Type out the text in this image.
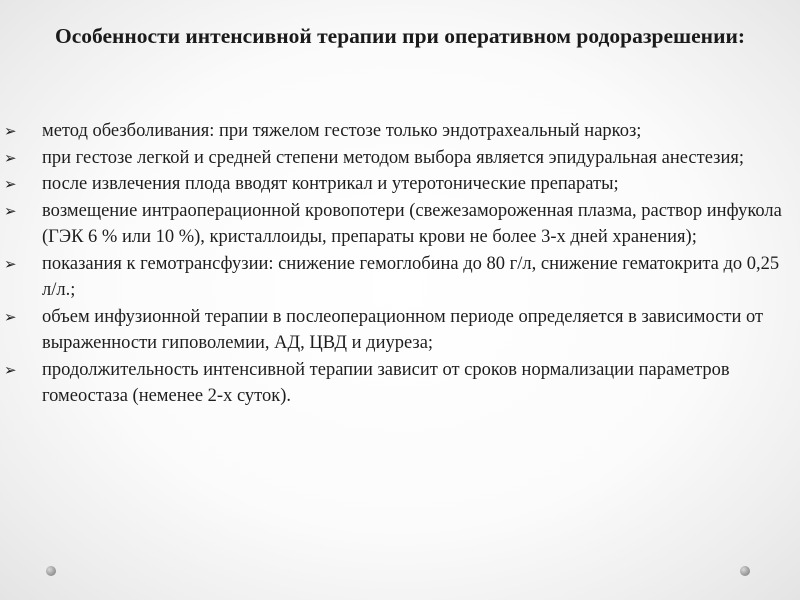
Особенности интенсивной терапии при оперативном родоразрешении:
➢	метод обезболивания: при тяжелом гестозе только эндотрахеальный наркоз;
➢	при гестозе легкой и средней степени методом выбора является эпидуральная анестезия;
➢	после извлечения плода вводят контрикал и утеротонические препараты;
➢	возмещение интраоперационной кровопотери (свежезамороженная плазма, раствор инфукола (ГЭК 6 % или 10 %), кристаллоиды, препараты крови не более 3-х дней хранения);
➢	показания к гемотрансфузии: снижение гемоглобина до 80 г/л, снижение гематокрита до 0,25 л/л.;
➢	объем инфузионной терапии в послеоперационном периоде определяется в зависимости от выраженности гиповолемии, АД, ЦВД и диуреза;
➢	продолжительность интенсивной терапии зависит от сроков нормализации параметров гомеостаза (неменее 2-х суток).
